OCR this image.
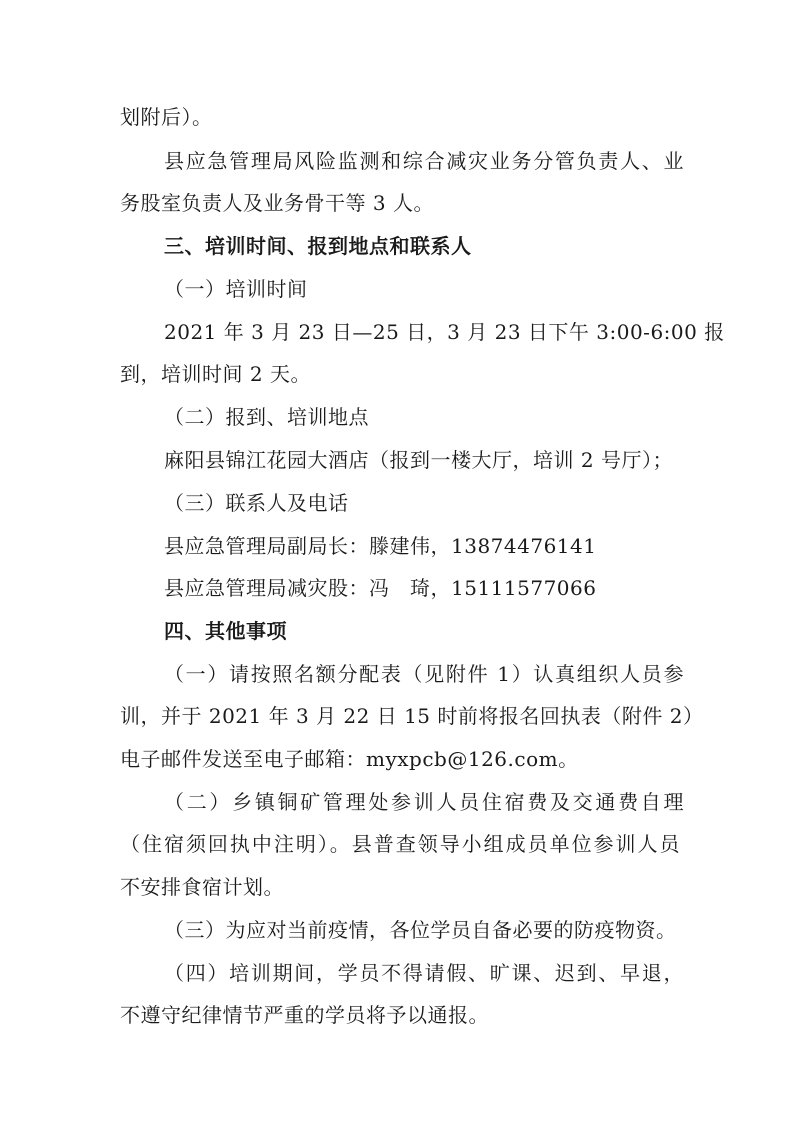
划附后）。
县应急管理局风险监测和综合减灾业务分管负责人、业
务股室负责人及业务骨干等 3 人。
三、培训时间、报到地点和联系人
（一）培训时间
2021 年 3 月 23 日—25 日，3 月 23 日下午 3:00-6:00 报
到，培训时间 2 天。
（二）报到、培训地点
麻阳县锦江花园大酒店（报到一楼大厅，培训 2 号厅）；
（三）联系人及电话
县应急管理局副局长：滕建伟，13874476141
县应急管理局减灾股：冯　琦，15111577066
四、其他事项
（一）请按照名额分配表（见附件 1）认真组织人员参
训，并于 2021 年 3 月 22 日 15 时前将报名回执表（附件 2）
电子邮件发送至电子邮箱：myxpcb@126.com。
（二）乡镇铜矿管理处参训人员住宿费及交通费自理
（住宿须回执中注明）。县普查领导小组成员单位参训人员
不安排食宿计划。
（三）为应对当前疫情，各位学员自备必要的防疫物资。
（四）培训期间，学员不得请假、旷课、迟到、早退，
不遵守纪律情节严重的学员将予以通报。
